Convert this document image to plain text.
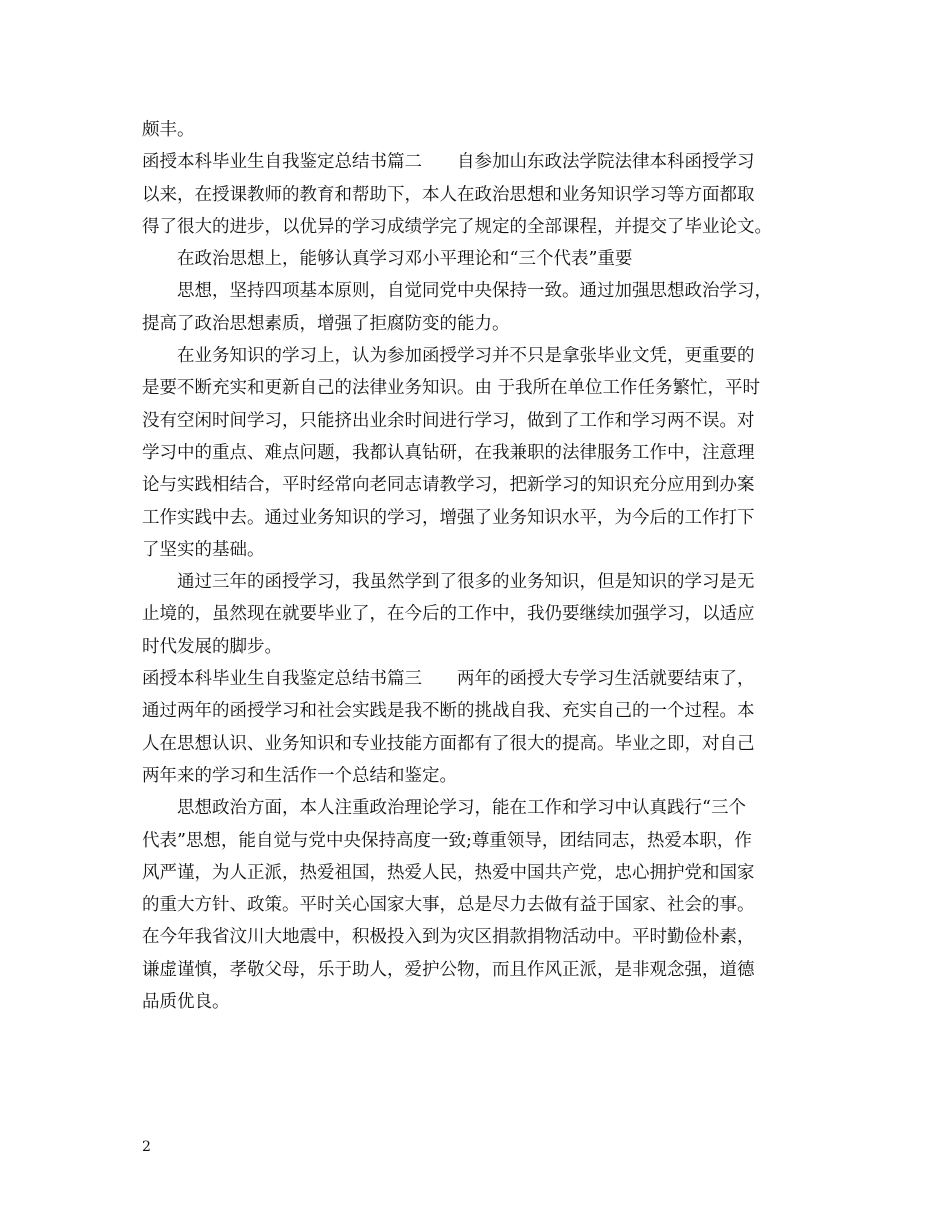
颇丰。
函授本科毕业生自我鉴定总结书篇二　　自参加山东政法学院法律本科函授学习
以来，在授课教师的教育和帮助下，本人在政治思想和业务知识学习等方面都取
得了很大的进步，以优异的学习成绩学完了规定的全部课程，并提交了毕业论文。
　　在政治思想上，能够认真学习邓小平理论和“三个代表”重要
　　思想，坚持四项基本原则，自觉同党中央保持一致。通过加强思想政治学习，
提高了政治思想素质，增强了拒腐防变的能力。
　　在业务知识的学习上，认为参加函授学习并不只是拿张毕业文凭，更重要的
是要不断充实和更新自己的法律业务知识。由 于我所在单位工作任务繁忙，平时
没有空闲时间学习，只能挤出业余时间进行学习，做到了工作和学习两不误。对
学习中的重点、难点问题，我都认真钻研，在我兼职的法律服务工作中，注意理
论与实践相结合，平时经常向老同志请教学习，把新学习的知识充分应用到办案
工作实践中去。通过业务知识的学习，增强了业务知识水平，为今后的工作打下
了坚实的基础。
　　通过三年的函授学习，我虽然学到了很多的业务知识，但是知识的学习是无
止境的，虽然现在就要毕业了，在今后的工作中，我仍要继续加强学习，以适应
时代发展的脚步。
函授本科毕业生自我鉴定总结书篇三　　两年的函授大专学习生活就要结束了，
通过两年的函授学习和社会实践是我不断的挑战自我、充实自己的一个过程。本
人在思想认识、业务知识和专业技能方面都有了很大的提高。毕业之即，对自己
两年来的学习和生活作一个总结和鉴定。
　　思想政治方面，本人注重政治理论学习，能在工作和学习中认真践行“三个
代表”思想，能自觉与党中央保持高度一致;尊重领导，团结同志，热爱本职，作
风严谨，为人正派，热爱祖国，热爱人民，热爱中国共产党，忠心拥护党和国家
的重大方针、政策。平时关心国家大事，总是尽力去做有益于国家、社会的事。
在今年我省汶川大地震中，积极投入到为灾区捐款捐物活动中。平时勤俭朴素，
谦虚谨慎，孝敬父母，乐于助人，爱护公物，而且作风正派，是非观念强，道德
品质优良。
2
